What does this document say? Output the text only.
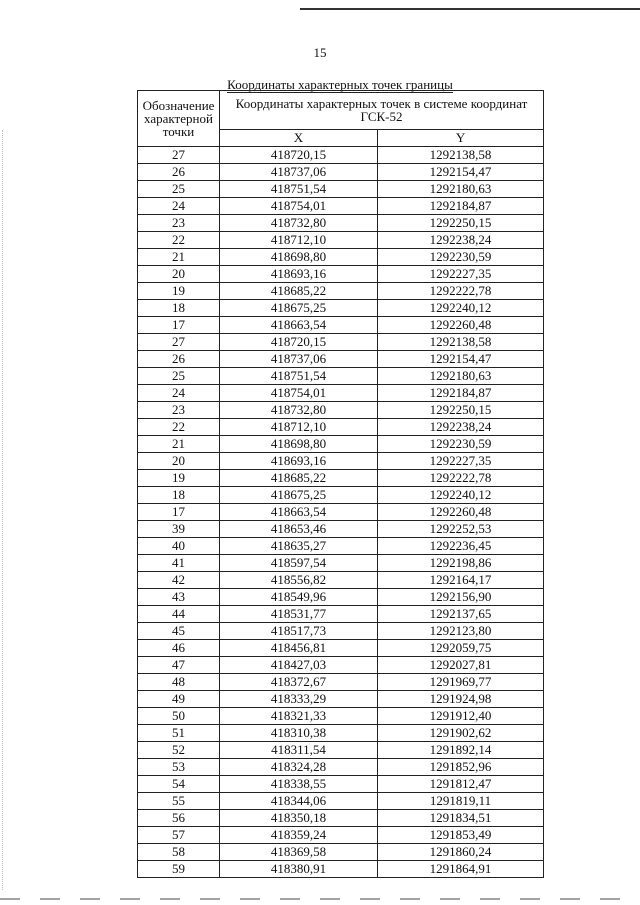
15
Координаты характерных точек границы
Обозначение характерной точки	Координаты характерных точек в системе координат ГСК-52	
	X	Y
27	418720,15	1292138,58
26	418737,06	1292154,47
25	418751,54	1292180,63
24	418754,01	1292184,87
23	418732,80	1292250,15
22	418712,10	1292238,24
21	418698,80	1292230,59
20	418693,16	1292227,35
19	418685,22	1292222,78
18	418675,25	1292240,12
17	418663,54	1292260,48
27	418720,15	1292138,58
26	418737,06	1292154,47
25	418751,54	1292180,63
24	418754,01	1292184,87
23	418732,80	1292250,15
22	418712,10	1292238,24
21	418698,80	1292230,59
20	418693,16	1292227,35
19	418685,22	1292222,78
18	418675,25	1292240,12
17	418663,54	1292260,48
39	418653,46	1292252,53
40	418635,27	1292236,45
41	418597,54	1292198,86
42	418556,82	1292164,17
43	418549,96	1292156,90
44	418531,77	1292137,65
45	418517,73	1292123,80
46	418456,81	1292059,75
47	418427,03	1292027,81
48	418372,67	1291969,77
49	418333,29	1291924,98
50	418321,33	1291912,40
51	418310,38	1291902,62
52	418311,54	1291892,14
53	418324,28	1291852,96
54	418338,55	1291812,47
55	418344,06	1291819,11
56	418350,18	1291834,51
57	418359,24	1291853,49
58	418369,58	1291860,24
59	418380,91	1291864,91
